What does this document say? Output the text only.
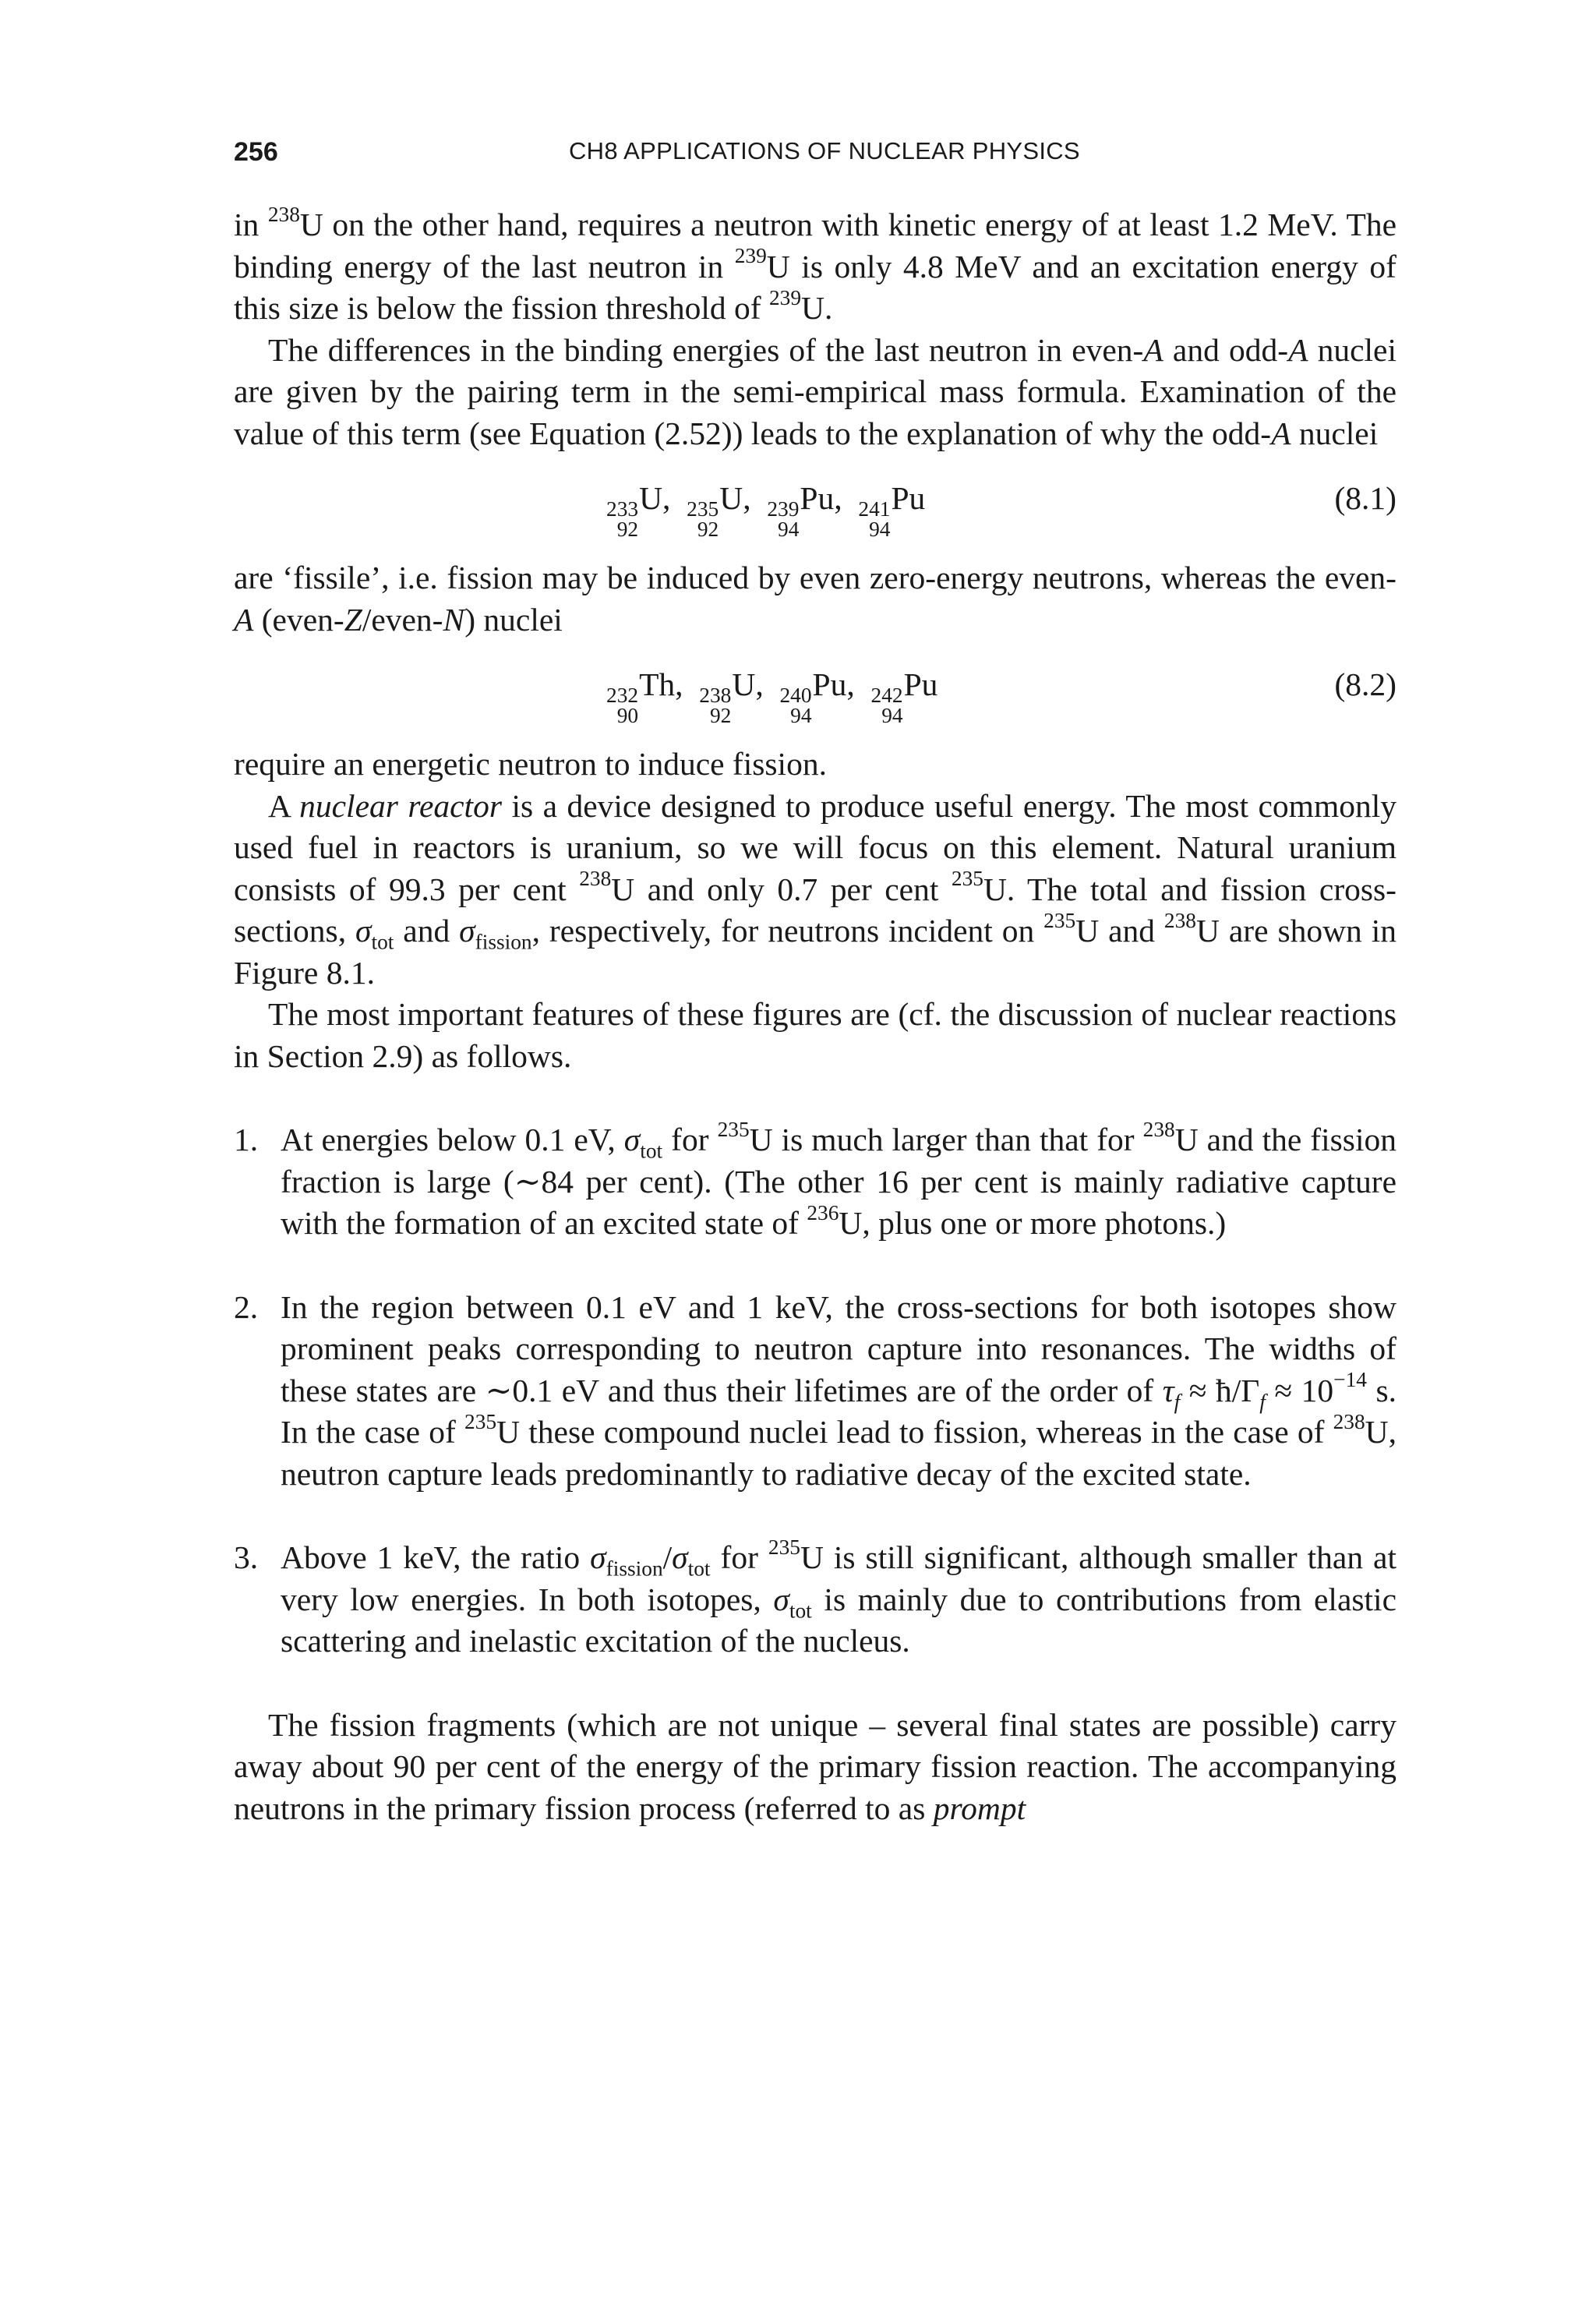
256	CH8 APPLICATIONS OF NUCLEAR PHYSICS

in $^{238}$U on the other hand, requires a neutron with kinetic energy of at least 1.2 MeV. The binding energy of the last neutron in $^{239}$U is only 4.8 MeV and an excitation energy of this size is below the fission threshold of $^{239}$U.

The differences in the binding energies of the last neutron in even-A and odd-A nuclei are given by the pairing term in the semi-empirical mass formula. Examination of the value of this term (see Equation (2.52)) leads to the explanation of why the odd-A nuclei

233
92
U, 235
92
U, 239
94
Pu, 241
94
Pu	(8.1)

are ‘fissile’, i.e. fission may be induced by even zero-energy neutrons, whereas the even-A (even-Z/even-N) nuclei

232
90
Th, 238
92
U, 240
94
Pu, 242
94
Pu	(8.2)

require an energetic neutron to induce fission.

A nuclear reactor is a device designed to produce useful energy. The most commonly used fuel in reactors is uranium, so we will focus on this element. Natural uranium consists of 99.3 per cent $^{238}$U and only 0.7 per cent $^{235}$U. The total and fission cross-sections, $\sigma_{tot}$ and $\sigma_{fission}$, respectively, for neutrons incident on $^{235}$U and $^{238}$U are shown in Figure 8.1.

The most important features of these figures are (cf. the discussion of nuclear reactions in Section 2.9) as follows.

1. At energies below 0.1 eV, $\sigma_{tot}$ for $^{235}$U is much larger than that for $^{238}$U and the fission fraction is large (∼84 per cent). (The other 16 per cent is mainly radiative capture with the formation of an excited state of $^{236}$U, plus one or more photons.)
2. In the region between 0.1 eV and 1 keV, the cross-sections for both isotopes show prominent peaks corresponding to neutron capture into resonances. The widths of these states are ∼0.1 eV and thus their lifetimes are of the order of $\tau_f$ ≈ $ħ/\Gamma_f \approx 10^{-14}$ s. In the case of $^{235}$U these compound nuclei lead to fission, whereas in the case of $^{238}$U, neutron capture leads predominantly to radiative decay of the excited state.
3. Above 1 keV, the ratio $\sigma_{fission}/\sigma_{tot}$ for $^{235}$U is still significant, although smaller than at very low energies. In both isotopes, $\sigma_{tot}$ is mainly due to contributions from elastic scattering and inelastic excitation of the nucleus.

The fission fragments (which are not unique – several final states are possible) carry away about 90 per cent of the energy of the primary fission reaction. The accompanying neutrons in the primary fission process (referred to as prompt
